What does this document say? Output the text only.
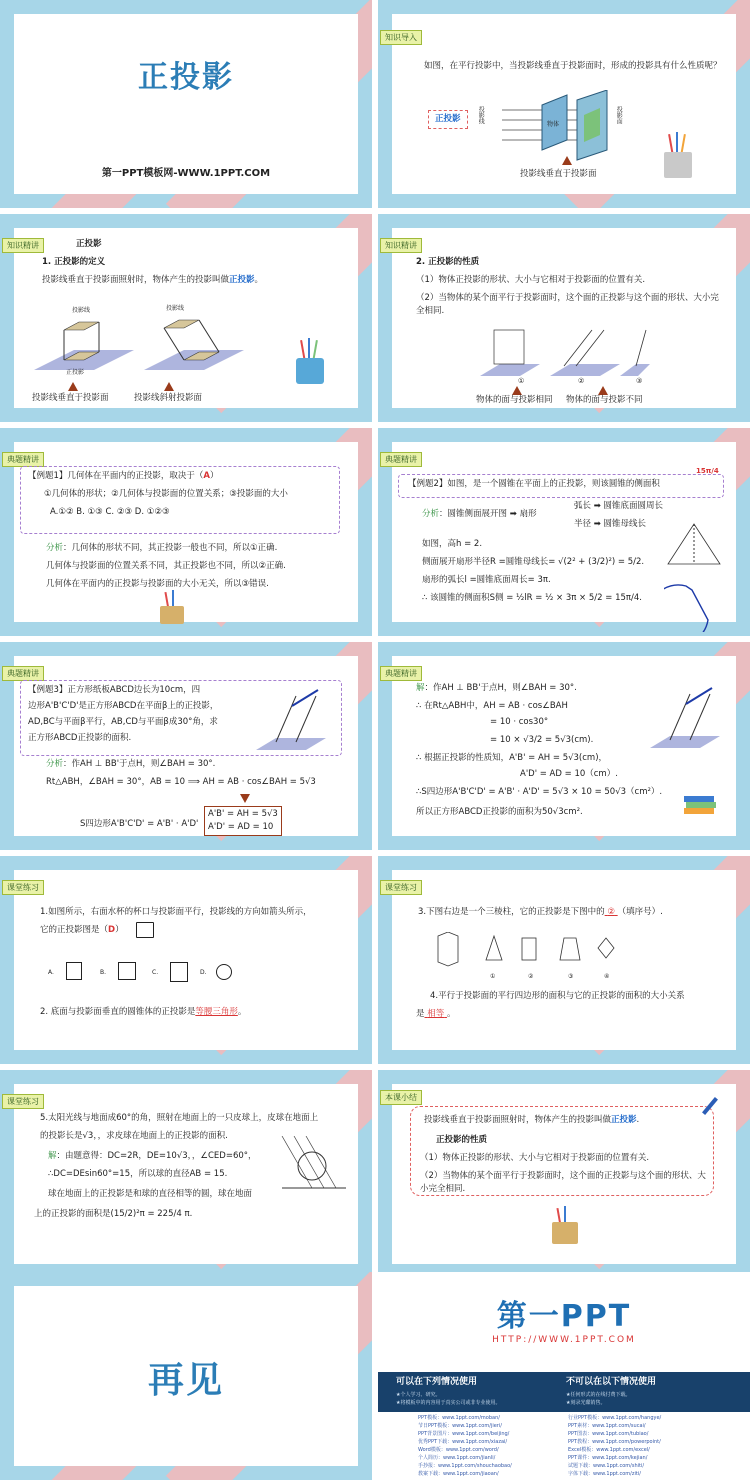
正投影
第一PPT模板网-WWW.1PPT.COM
知识导入
如图，在平行投影中，当投影线垂直于投影面时，形成的投影具有什么性质呢？
正投影	投影线
物体
投影面
投影线垂直于投影面
知识精讲	正投影
1. 正投影的定义
投影线垂直于投影面照射时，物体产生的投影叫做正投影。
投影线	投影线
正投影
投影线垂直于投影面	投影线斜射投影面
知识精讲
2. 正投影的性质
（1）物体正投影的形状、大小与它相对于投影面的位置有关.
（2）当物体的某个面平行于投影面时，这个面的正投影与这个面的形状、大小完全相同.
①	②	③
物体的面与投影相同 物体的面与投影不同
典题精讲
【例题1】几何体在平面内的正投影，取决于（A）
①几何体的形状；②几何体与投影面的位置关系；③投影面的大小
A.①② B. ①③ C. ②③ D. ①②③
分析：几何体的形状不同，其正投影一般也不同，所以①正确.
几何体与投影面的位置关系不同，其正投影也不同，所以②正确.
几何体在平面内的正投影与投影面的大小无关，所以③错误.
典题精讲
【例题2】如图，是一个圆锥在平面上的正投影，则该圆锥的侧面积
15π/4
分析：圆锥侧面展开图 ➡ 扇形
弧长 ➡ 圆锥底面圆周长
半径 ➡ 圆锥母线长
如图，高h = 2.
侧面展开扇形半径R =圆锥母线长= √(2² + (3/2)²) = 5/2.
扇形的弧长l =圆锥底面周长= 3π.
∴ 该圆锥的侧面积S侧 = ½lR = ½ × 3π × 5/2 = 15π/4.
典题精讲
【例题3】正方形纸板ABCD边长为10cm，四
边形A'B'C'D'是正方形ABCD在平面β上的正投影，
AD,BC与平面β平行，AB,CD与平面β成30°角，求
正方形ABCD正投影的面积.
分析：作AH ⊥ BB'于点H，则∠BAH = 30°.
Rt△ABH，∠BAH = 30°，AB = 10 ⟹ AH = AB · cos∠BAH = 5√3
S四边形A'B'C'D' = A'B' · A'D'
A'B' = AH = 5√3
A'D' = AD = 10
典题精讲
解：作AH ⊥ BB'于点H，则∠BAH = 30°.
∴ 在Rt△ABH中，AH = AB · cos∠BAH
= 10 · cos30°
= 10 × √3/2 = 5√3(cm).
∴ 根据正投影的性质知，A'B' = AH = 5√3(cm)，
A'D' = AD = 10（cm）.
∴S四边形A'B'C'D' = A'B' · A'D' = 5√3 × 10 = 50√3（cm²）.
所以正方形ABCD正投影的面积为50√3cm².
课堂练习
1.如图所示，右面水杯的杯口与投影面平行，投影线的方向如箭头所示，
它的正投影图是（D）
A.	B.	C.	D.
2. 底面与投影面垂直的圆锥体的正投影是等腰三角形。
课堂练习
3.下图右边是一个三棱柱，它的正投影是下图中的 ② （填序号）.
①	②	③	④
4.平行于投影面的平行四边形的面积与它的正投影的面积的大小关系
是 相等 。
课堂练习
5.太阳光线与地面成60°的角，照射在地面上的一只皮球上，皮球在地面上
的投影长是√3，，求皮球在地面上的正投影的面积.
解：由题意得：DC=2R，DE=10√3，，∠CED=60°，
∴DC=DEsin60°=15，所以球的直径AB = 15.
球在地面上的正投影是和球的直径相等的圆，球在地面
上的正投影的面积是(15/2)²π = 225/4 π.
本课小结
投影线垂直于投影面照射时，物体产生的投影叫做正投影.
正投影的性质
（1）物体正投影的形状、大小与它相对于投影面的位置有关.
（2）当物体的某个面平行于投影面时，这个面的正投影与这个面的形状、大小完全相同.
再见
第一PPT
HTTP://WWW.1PPT.COM
可以在下列情况使用
★个人学习、研究。
★将模板中的内容用于真实公司或非专业使用。
不可以在以下情况使用
★任何形式的在线付费下载。
★刻录光碟销售。
PPT模板：www.1ppt.com/moban/
节日PPT模板：www.1ppt.com/jieri/
PPT背景图片：www.1ppt.com/beijing/
优秀PPT下载：www.1ppt.com/xiazai/
Word模板：www.1ppt.com/word/
个人简历：www.1ppt.com/jianli/
手抄报：www.1ppt.com/shouchaobao/
教案下载：www.1ppt.com/jiaoan/
行业PPT模板：www.1ppt.com/hangye/
PPT素材：www.1ppt.com/sucai/
PPT图表：www.1ppt.com/tubiao/
PPT教程：www.1ppt.com/powerpoint/
Excel模板：www.1ppt.com/excel/
PPT课件：www.1ppt.com/kejian/
试题下载：www.1ppt.com/shiti/
字体下载：www.1ppt.com/ziti/
